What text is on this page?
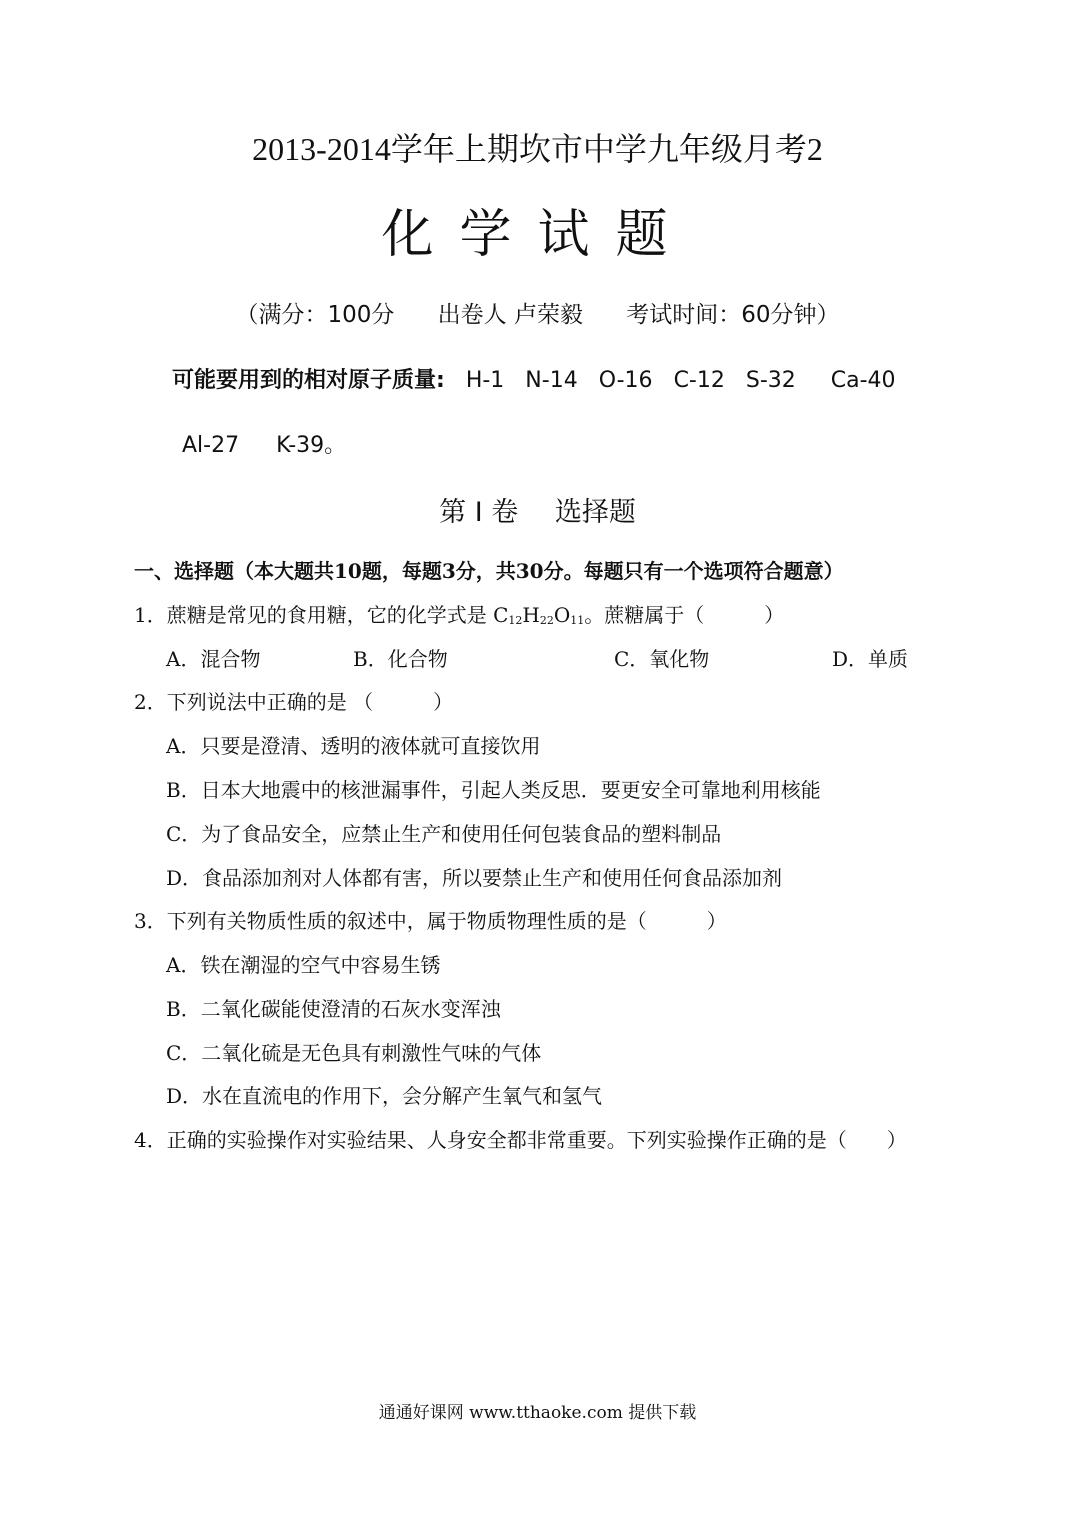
2013-2014学年上期坎市中学九年级月考2
化学试题
（满分：100分 出卷人 卢荣毅 考试时间：60分钟）
可能要用到的相对原子质量: H-1 N-14 O-16 C-12 S-32 Ca-40
Al-27 K-39。
第 I 卷 选择题
一、选择题（本大题共10题，每题3分，共30分。每题只有一个选项符合题意）
1．蔗糖是常见的食用糖，它的化学式是 $C_{12}H_{22}O_{11}$。蔗糖属于（　　　）
A．混合物	B．化合物	C．氧化物	D．单质
2．下列说法中正确的是 （　　　）
A．只要是澄清、透明的液体就可直接饮用
B．日本大地震中的核泄漏事件，引起人类反思．要更安全可靠地利用核能
C．为了食品安全，应禁止生产和使用任何包装食品的塑料制品
D．食品添加剂对人体都有害，所以要禁止生产和使用任何食品添加剂
3．下列有关物质性质的叙述中，属于物质物理性质的是（　　　）
A．铁在潮湿的空气中容易生锈
B．二氧化碳能使澄清的石灰水变浑浊
C．二氧化硫是无色具有刺激性气味的气体
D．水在直流电的作用下，会分解产生氧气和氢气
4．正确的实验操作对实验结果、人身安全都非常重要。下列实验操作正确的是（　　）
通通好课网 www.tthaoke.com 提供下载
